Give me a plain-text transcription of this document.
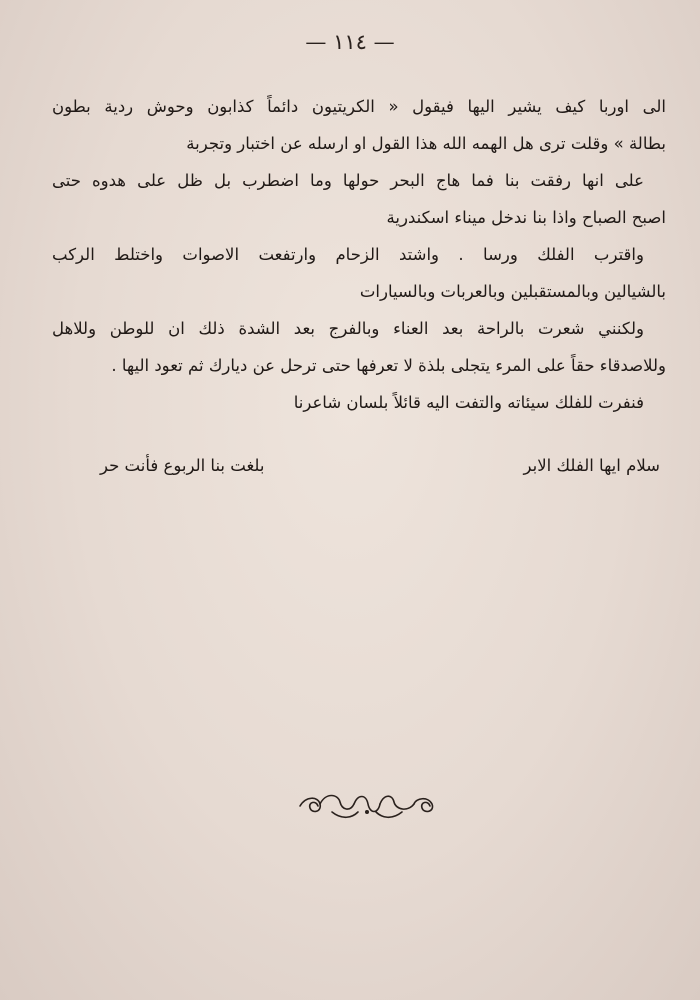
— ١١٤ —
الى اوربا كيف يشير اليها فيقول « الكريتيون دائماً كذابون وحوش ردية بطون
بطالة » وقلت ترى هل الهمه الله هذا القول او ارسله عن اختبار وتجربة
على انها رفقت بنا فما هاج البحر حولها وما اضطرب بل ظل على هدوه حتى
اصبح الصباح واذا بنا ندخل ميناء اسكندرية
واقترب الفلك ورسا . واشتد الزحام وارتفعت الاصوات واختلط الركب
بالشيالين وبالمستقبلين وبالعربات وبالسيارات
ولكنني شعرت بالراحة بعد العناء وبالفرج بعد الشدة ذلك ان للوطن وللاهل
وللاصدقاء حقاً على المرء يتجلى بلذة لا تعرفها حتى ترحل عن ديارك ثم تعود اليها .
فنفرت للفلك سيئاته والتفت اليه قائلاً بلسان شاعرنا
سلام ايها الفلك الابر
بلغت بنا الربوع فأنت حر
